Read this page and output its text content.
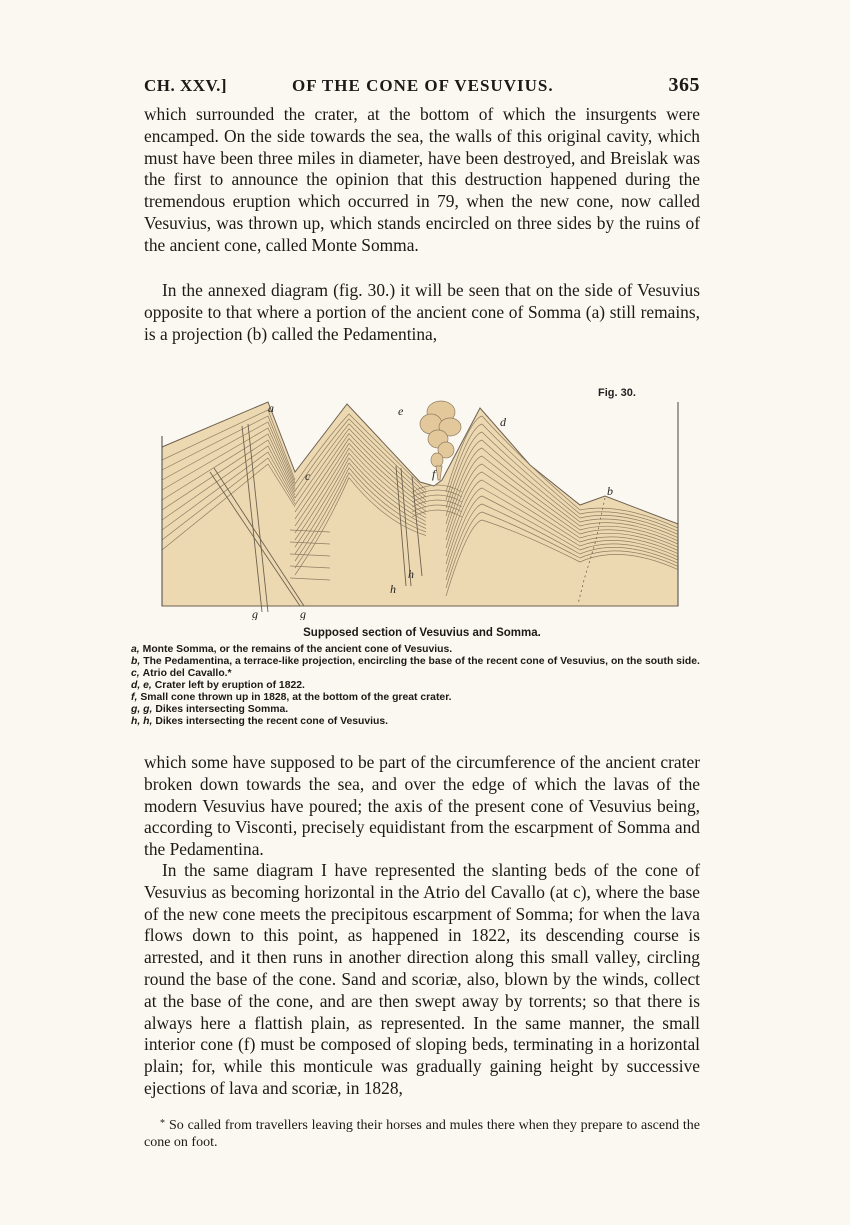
CH. XXV.]	OF THE CONE OF VESUVIUS.	365

which surrounded the crater, at the bottom of which the insurgents were encamped. On the side towards the sea, the walls of this original cavity, which must have been three miles in diameter, have been destroyed, and Breislak was the first to announce the opinion that this destruction happened during the tremendous eruption which occurred in 79, when the new cone, now called Vesuvius, was thrown up, which stands encircled on three sides by the ruins of the ancient cone, called Monte Somma.

In the annexed diagram (fig. 30.) it will be seen that on the side of Vesuvius opposite to that where a portion of the ancient cone of Somma (a) still remains, is a projection (b) called the Pedamentina,

Fig. 30.
a
b
c
d
e
f
g	g
h
h
Supposed section of Vesuvius and Somma.
a, Monte Somma, or the remains of the ancient cone of Vesuvius.
b, The Pedamentina, a terrace-like projection, encircling the base of the recent cone of Vesuvius, on the south side.
c, Atrio del Cavallo.*
d, e, Crater left by eruption of 1822.
f, Small cone thrown up in 1828, at the bottom of the great crater.
g, g, Dikes intersecting Somma.
h, h, Dikes intersecting the recent cone of Vesuvius.

which some have supposed to be part of the circumference of the ancient crater broken down towards the sea, and over the edge of which the lavas of the modern Vesuvius have poured; the axis of the present cone of Vesuvius being, according to Visconti, precisely equidistant from the escarpment of Somma and the Pedamentina.

In the same diagram I have represented the slanting beds of the cone of Vesuvius as becoming horizontal in the Atrio del Cavallo (at c), where the base of the new cone meets the precipitous escarpment of Somma; for when the lava flows down to this point, as happened in 1822, its descending course is arrested, and it then runs in another direction along this small valley, circling round the base of the cone. Sand and scoriæ, also, blown by the winds, collect at the base of the cone, and are then swept away by torrents; so that there is always here a flattish plain, as represented. In the same manner, the small interior cone (f) must be composed of sloping beds, terminating in a horizontal plain; for, while this monticule was gradually gaining height by successive ejections of lava and scoriæ, in 1828,

* So called from travellers leaving their horses and mules there when they prepare to ascend the cone on foot.
